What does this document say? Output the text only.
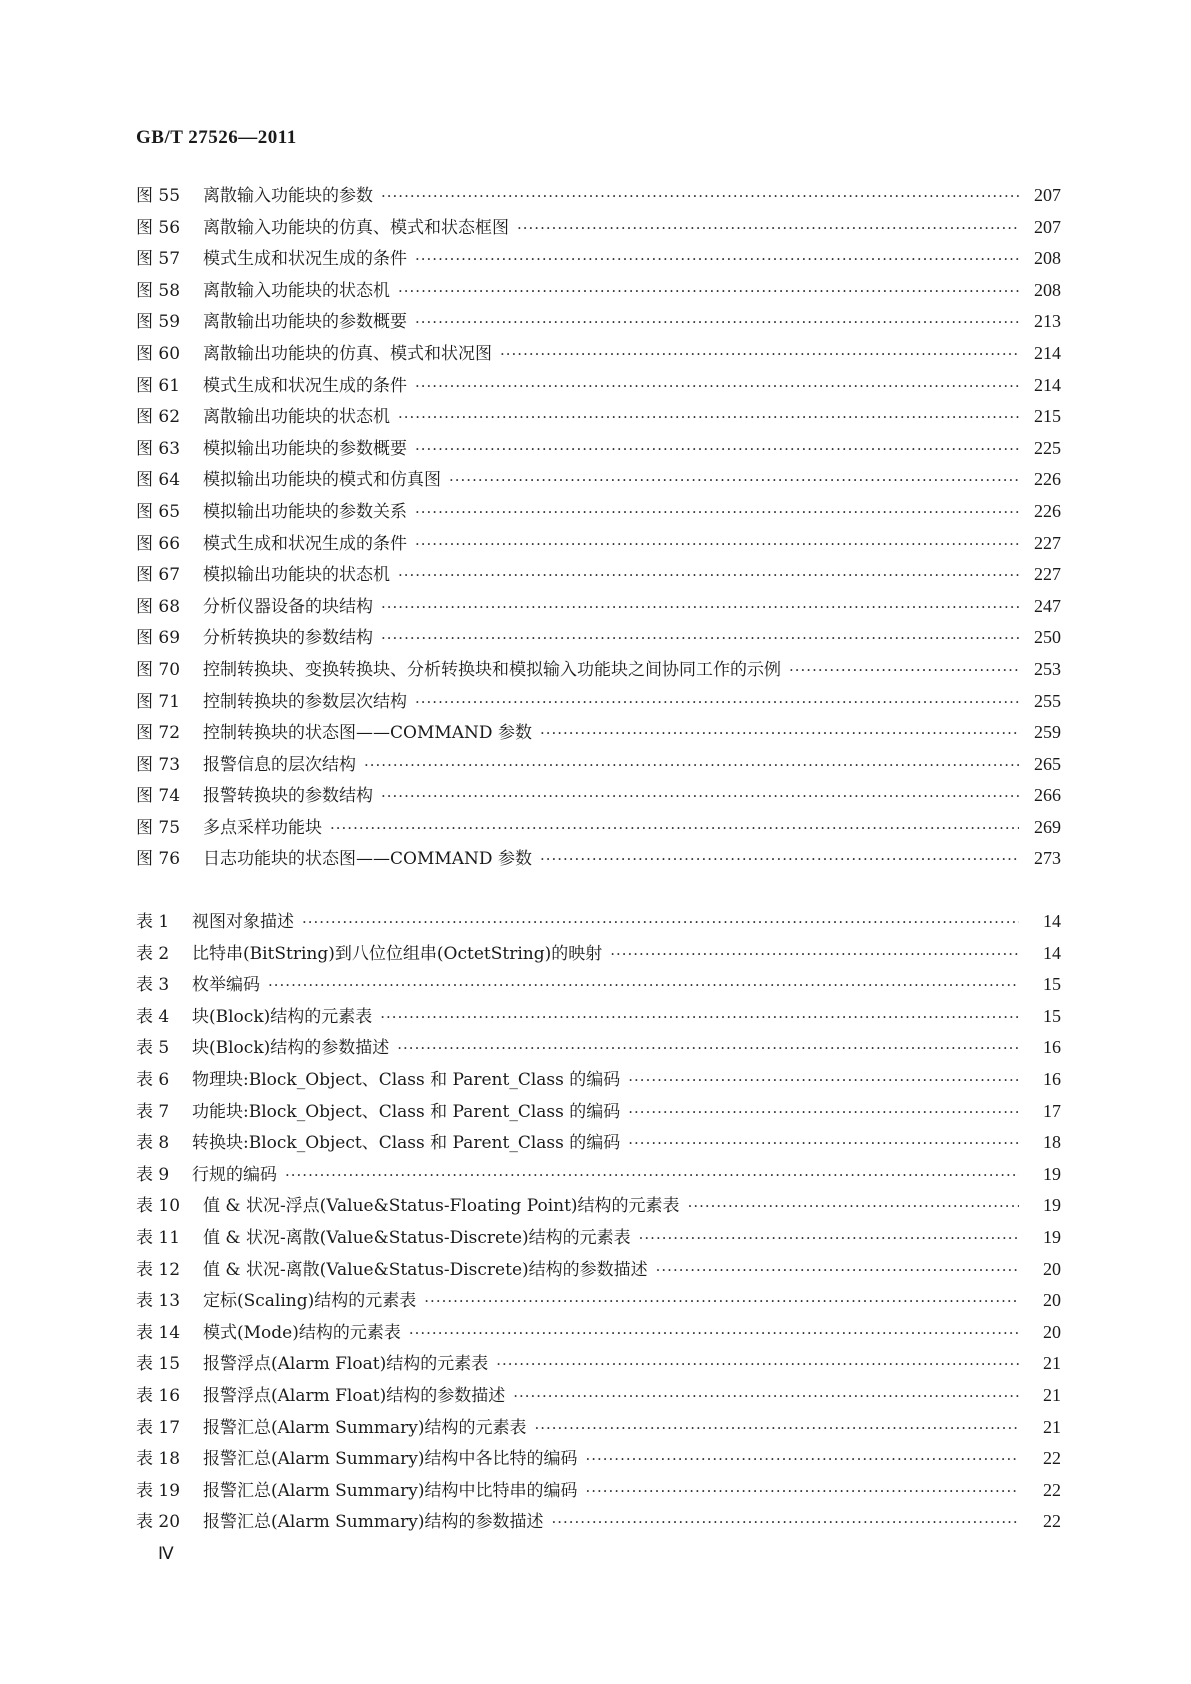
GB/T 27526—2011
图 55	离散输入功能块的参数 ·····	207
图 56	离散输入功能块的仿真、模式和状态框图 ·····	207
图 57	模式生成和状况生成的条件 ·····	208
图 58	离散输入功能块的状态机 ·····	208
图 59	离散输出功能块的参数概要 ·····	213
图 60	离散输出功能块的仿真、模式和状况图 ·····	214
图 61	模式生成和状况生成的条件 ·····	214
图 62	离散输出功能块的状态机 ·····	215
图 63	模拟输出功能块的参数概要 ·····	225
图 64	模拟输出功能块的模式和仿真图 ·····	226
图 65	模拟输出功能块的参数关系 ·····	226
图 66	模式生成和状况生成的条件 ·····	227
图 67	模拟输出功能块的状态机 ·····	227
图 68	分析仪器设备的块结构 ·····	247
图 69	分析转换块的参数结构 ·····	250
图 70	控制转换块、变换转换块、分析转换块和模拟输入功能块之间协同工作的示例 ·····	253
图 71	控制转换块的参数层次结构 ·····	255
图 72	控制转换块的状态图——COMMAND 参数 ·····	259
图 73	报警信息的层次结构 ·····	265
图 74	报警转换块的参数结构 ·····	266
图 75	多点采样功能块 ·····	269
图 76	日志功能块的状态图——COMMAND 参数 ·····	273
表 1	视图对象描述 ·····	14
表 2	比特串(BitString)到八位位组串(OctetString)的映射 ·····	14
表 3	枚举编码 ·····	15
表 4	块(Block)结构的元素表 ·····	15
表 5	块(Block)结构的参数描述 ·····	16
表 6	物理块:Block_Object、Class 和 Parent_Class 的编码 ·····	16
表 7	功能块:Block_Object、Class 和 Parent_Class 的编码 ·····	17
表 8	转换块:Block_Object、Class 和 Parent_Class 的编码 ·····	18
表 9	行规的编码 ·····	19
表 10	值 & 状况-浮点(Value&Status-Floating Point)结构的元素表 ·····	19
表 11	值 & 状况-离散(Value&Status-Discrete)结构的元素表 ·····	19
表 12	值 & 状况-离散(Value&Status-Discrete)结构的参数描述 ·····	20
表 13	定标(Scaling)结构的元素表 ·····	20
表 14	模式(Mode)结构的元素表 ·····	20
表 15	报警浮点(Alarm Float)结构的元素表 ·····	21
表 16	报警浮点(Alarm Float)结构的参数描述 ·····	21
表 17	报警汇总(Alarm Summary)结构的元素表 ·····	21
表 18	报警汇总(Alarm Summary)结构中各比特的编码 ·····	22
表 19	报警汇总(Alarm Summary)结构中比特串的编码 ·····	22
表 20	报警汇总(Alarm Summary)结构的参数描述 ·····	22
Ⅳ
